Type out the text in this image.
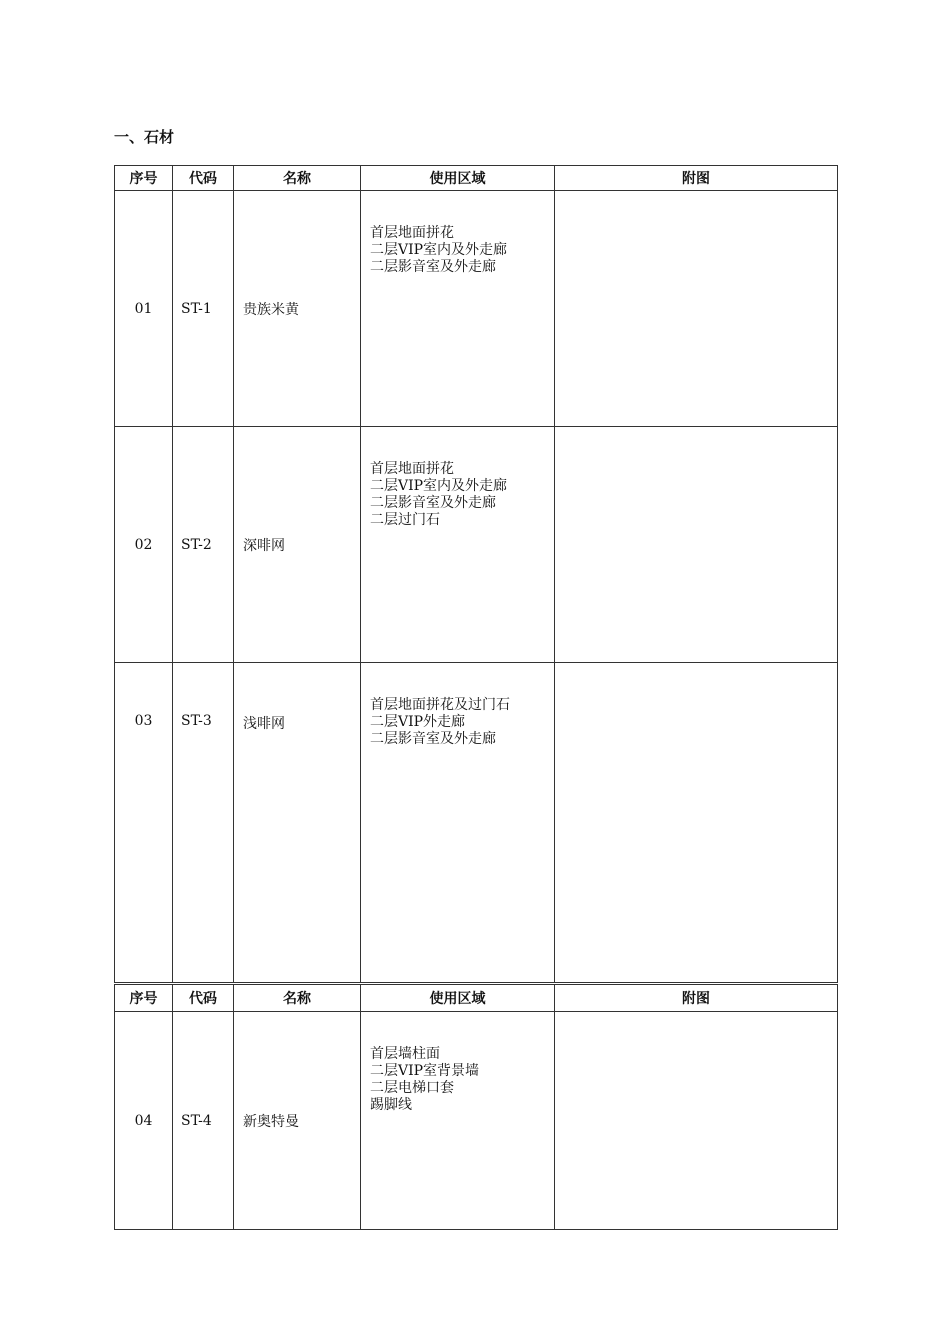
一、石材
序号	代码	名称	使用区域	附图
01	ST-1	贵族米黄	首层地面拼花
二层VIP室内及外走廊
二层影音室及外走廊	

02	ST-2	深啡网	首层地面拼花
二层VIP室内及外走廊
二层影音室及外走廊
二层过门石	

03	ST-3	浅啡网	首层地面拼花及过门石
二层VIP外走廊
二层影音室及外走廊	

序号	代码	名称	使用区域	附图
04	ST-4	新奥特曼	首层墙柱面
二层VIP室背景墙
二层电梯口套
踢脚线	
